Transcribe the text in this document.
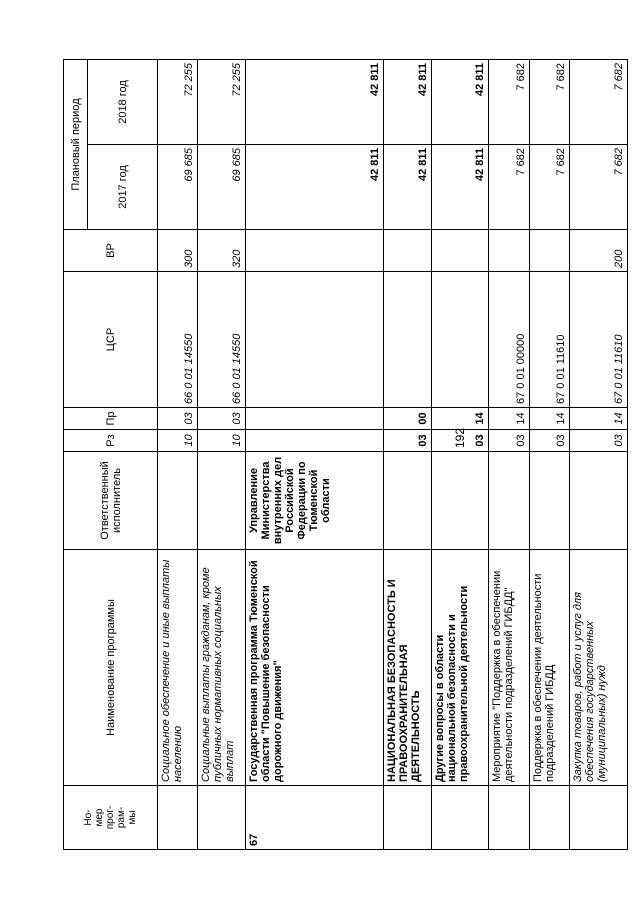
192
Но-
мер
прог-
рам-
мы	Наименование программы	Ответственный
исполнитель	Рз	Пр	ЦСР	ВР	Плановый период	
							2017 год	2018 год
	Социальное обеспечение и иные выплаты населению		10	03	66 0 01 14550	300	69 685	72 255
	Социальные выплаты гражданам, кроме публичных нормативных социальных выплат		10	03	66 0 01 14550	320	69 685	72 255
67	Государственная программа Тюменской области "Повышение безопасности дорожного движения"	Управление Министерства внутренних дел Российской Федерации по Тюменской области					42 811	42 811
	НАЦИОНАЛЬНАЯ БЕЗОПАСНОСТЬ И ПРАВООХРАНИТЕЛЬНАЯ ДЕЯТЕЛЬНОСТЬ		03	00			42 811	42 811
	Другие вопросы в области национальной безопасности и правоохранительной деятельности		03	14			42 811	42 811
	Мероприятие "Поддержка в обеспечении деятельности подразделений ГИБДД"		03	14	67 0 01 00000		7 682	7 682
	Поддержка в обеспечении деятельности подразделений ГИБДД		03	14	67 0 01 11610		7 682	7 682
	Закупка товаров, работ и услуг для обеспечения государственных (муниципальных) нужд		03	14	67 0 01 11610	200	7 682	7 682
